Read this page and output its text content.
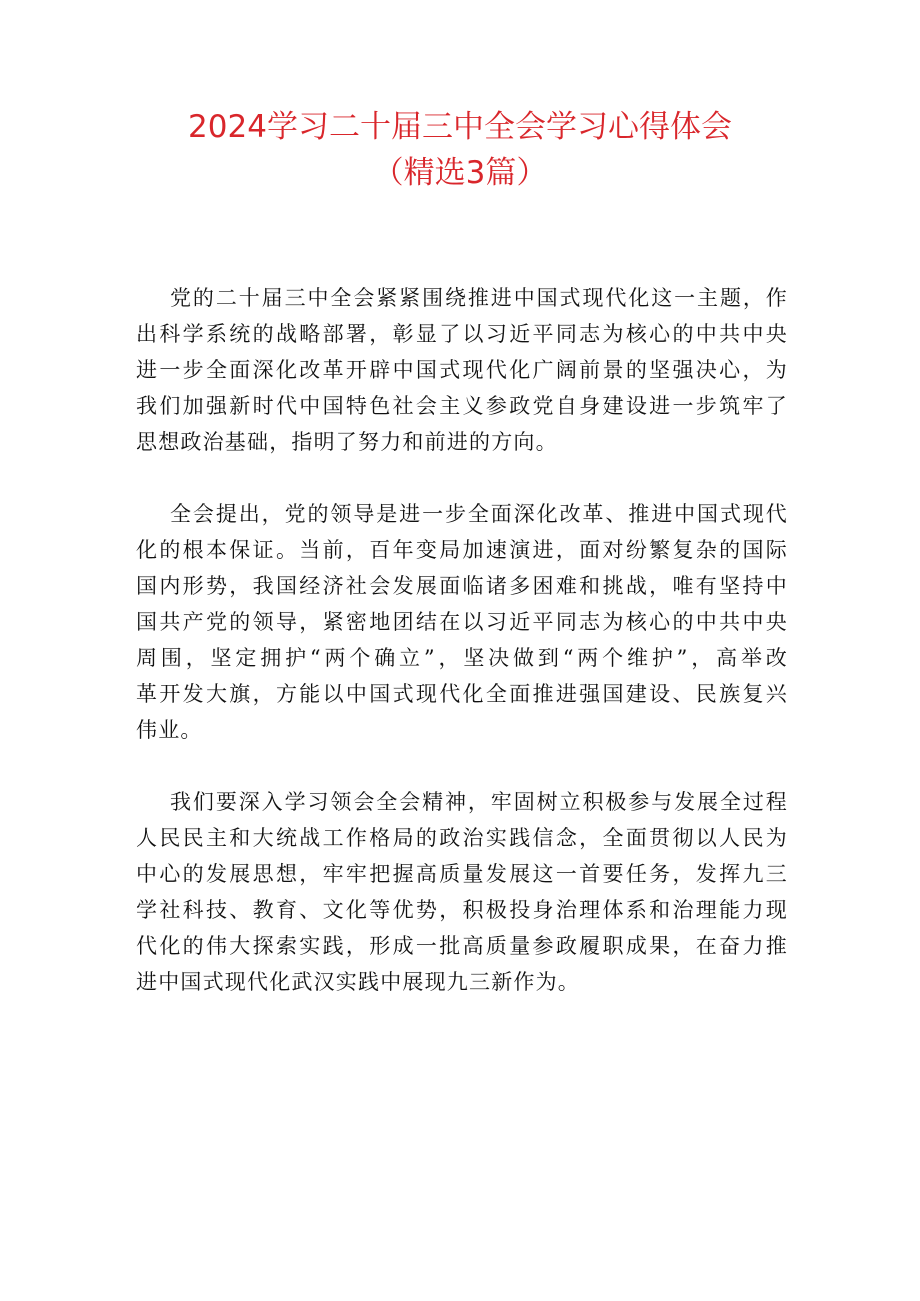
2024学习二十届三中全会学习心得体会
（精选3篇）

党的二十届三中全会紧紧围绕推进中国式现代化这一主题，作
出科学系统的战略部署，彰显了以习近平同志为核心的中共中央
进一步全面深化改革开辟中国式现代化广阔前景的坚强决心，为
我们加强新时代中国特色社会主义参政党自身建设进一步筑牢了
思想政治基础，指明了努力和前进的方向。

全会提出，党的领导是进一步全面深化改革、推进中国式现代
化的根本保证。当前，百年变局加速演进，面对纷繁复杂的国际
国内形势，我国经济社会发展面临诸多困难和挑战，唯有坚持中
国共产党的领导，紧密地团结在以习近平同志为核心的中共中央
周围，坚定拥护“两个确立”，坚决做到“两个维护”，高举改
革开发大旗，方能以中国式现代化全面推进强国建设、民族复兴
伟业。

我们要深入学习领会全会精神，牢固树立积极参与发展全过程
人民民主和大统战工作格局的政治实践信念，全面贯彻以人民为
中心的发展思想，牢牢把握高质量发展这一首要任务，发挥九三
学社科技、教育、文化等优势，积极投身治理体系和治理能力现
代化的伟大探索实践，形成一批高质量参政履职成果，在奋力推
进中国式现代化武汉实践中展现九三新作为。
